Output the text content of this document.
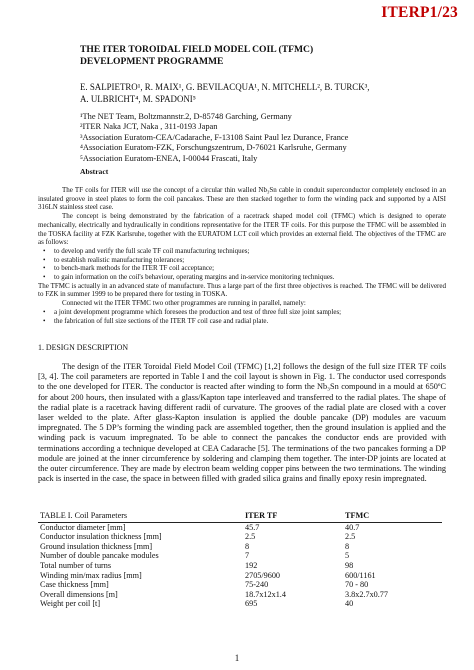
ITERP1/23
THE ITER TOROIDAL FIELD MODEL COIL (TFMC)
DEVELOPMENT PROGRAMME
E. SALPIETRO¹, R. MAIX¹, G. BEVILACQUA¹, N. MITCHELL², B. TURCK³,
A. ULBRICHT⁴, M. SPADONI⁵
¹The NET Team, Boltzmannstr.2, D-85748 Garching, Germany
²ITER Naka JCT, Naka , 311-0193 Japan
³Association Euratom-CEA/Cadarache, F-13108 Saint Paul lez Durance, France
⁴Association Euratom-FZK, Forschungszentrum, D-76021 Karlsruhe, Germany
⁵Association Euratom-ENEA, I-00044 Frascati, Italy
Abstract

The TF coils for ITER will use the concept of a circular thin walled Nb₃Sn cable in conduit superconductor completely enclosed in an insulated groove in steel plates to form the coil pancakes. These are then stacked together to form the winding pack and supported by a AISI 316LN stainless steel case.

The concept is being demonstrated by the fabrication of a racetrack shaped model coil (TFMC) which is designed to operate mechanically, electrically and hydraulically in conditions representative for the ITER TF coils. For this purpose the TFMC will be assembled in the TOSKA facility at FZK Karlsruhe, together with the EURATOM LCT coil which provides an external field. The objectives of the TFMC are as follows:

• to develop and verify the full scale TF coil manufacturing techniques;
• to establish realistic manufacturing tolerances;
• to bench-mark methods for the ITER TF coil acceptance;
• to gain information on the coil's behaviour, operating margins and in-service monitoring techniques.

The TFMC is actually in an advanced state of manufacture. Thus a large part of the first three objectives is reached. The TFMC will be delivered to FZK in summer 1999 to be prepared there for testing in TOSKA.

Connected wit the ITER TFMC two other programmes are running in parallel, namely:

• a joint development programme which foresees the production and test of three full size joint samples;
• the fabrication of full size sections of the ITER TF coil case and radial plate.
1. DESIGN DESCRIPTION

The design of the ITER Toroidal Field Model Coil (TFMC) [1,2] follows the design of the full size ITER TF coils [3, 4]. The coil parameters are reported in Table I and the coil layout is shown in Fig. 1. The conductor used corresponds to the one developed for ITER. The conductor is reacted after winding to form the Nb₃Sn compound in a mould at 650ºC for about 200 hours, then insulated with a glass/Kapton tape interleaved and transferred to the radial plates. The shape of the radial plate is a racetrack having different radii of curvature. The grooves of the radial plate are closed with a cover laser welded to the plate. After glass-Kapton insulation is applied the double pancake (DP) modules are vacuum impregnated. The 5 DP’s forming the winding pack are assembled together, then the ground insulation is applied and the winding pack is vacuum impregnated. To be able to connect the pancakes the conductor ends are provided with terminations according a technique developed at CEA Cadarache [5]. The terminations of the two pancakes forming a DP module are joined at the inner circumference by soldering and clamping them together. The inter-DP joints are located at the outer circumference. They are made by electron beam welding copper pins between the two terminations. The winding pack is inserted in the case, the space in between filled with graded silica grains and finally epoxy resin impregnated.

TABLE I. Coil Parameters	ITER TF	TFMC
Conductor diameter [mm]	45.7	40.7
Conductor insulation thickness [mm]	2.5	2.5
Ground insulation thickness [mm]	8	8
Number of double pancake modules	7	5
Total number of turns	192	98
Winding min/max radius [mm]	2705/9600	600/1161
Case thickness [mm]	75-240	70 - 80
Overall dimensions [m]	18.7x12x1.4	3.8x2.7x0.77
Weight per coil [t]	695	40
1
